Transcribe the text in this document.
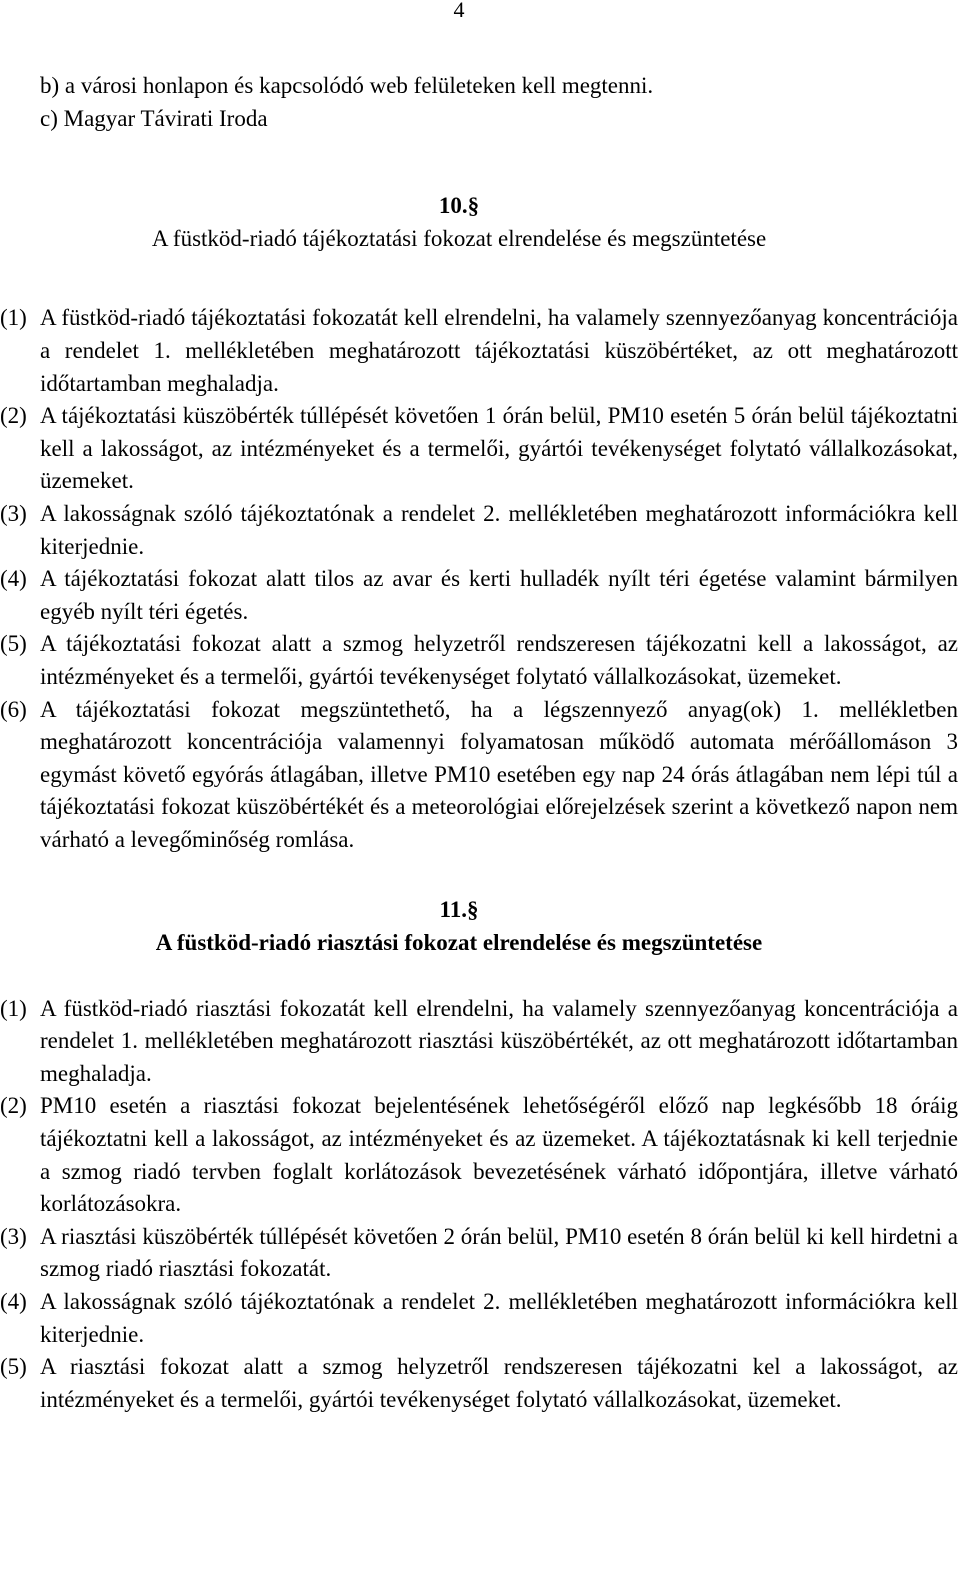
4

b) a városi honlapon és kapcsolódó web felületeken kell megtenni.

c) Magyar Távirati Iroda

10.§

A füstköd-riadó tájékoztatási fokozat elrendelése és megszüntetése

(1) A füstköd-riadó tájékoztatási fokozatát kell elrendelni, ha valamely szennyezőanyag koncentrációja a rendelet 1. mellékletében meghatározott tájékoztatási küszöbértéket, az ott meghatározott időtartamban meghaladja.
(2) A tájékoztatási küszöbérték túllépését követően 1 órán belül, PM10 esetén 5 órán belül tájékoztatni kell a lakosságot, az intézményeket és a termelői, gyártói tevékenységet folytató vállalkozásokat, üzemeket.
(3) A lakosságnak szóló tájékoztatónak a rendelet 2. mellékletében meghatározott információkra kell kiterjednie.
(4) A tájékoztatási fokozat alatt tilos az avar és kerti hulladék nyílt téri égetése valamint bármilyen egyéb nyílt téri égetés.
(5) A tájékoztatási fokozat alatt a szmog helyzetről rendszeresen tájékozatni kell a lakosságot, az intézményeket és a termelői, gyártói tevékenységet folytató vállalkozásokat, üzemeket.
(6) A tájékoztatási fokozat megszüntethető, ha a légszennyező anyag(ok) 1. mellékletben meghatározott koncentrációja valamennyi folyamatosan működő automata mérőállomáson 3 egymást követő egyórás átlagában, illetve PM10 esetében egy nap 24 órás átlagában nem lépi túl a tájékoztatási fokozat küszöbértékét és a meteorológiai előrejelzések szerint a következő napon nem várható a levegőminőség romlása.

11.§

A füstköd-riadó riasztási fokozat elrendelése és megszüntetése

(1) A füstköd-riadó riasztási fokozatát kell elrendelni, ha valamely szennyezőanyag koncentrációja a rendelet 1. mellékletében meghatározott riasztási küszöbértékét, az ott meghatározott időtartamban meghaladja.
(2) PM10 esetén a riasztási fokozat bejelentésének lehetőségéről előző nap legkésőbb 18 óráig tájékoztatni kell a lakosságot, az intézményeket és az üzemeket. A tájékoztatásnak ki kell terjednie a szmog riadó tervben foglalt korlátozások bevezetésének várható időpontjára, illetve várható korlátozásokra.
(3) A riasztási küszöbérték túllépését követően 2 órán belül, PM10 esetén 8 órán belül ki kell hirdetni a szmog riadó riasztási fokozatát.
(4) A lakosságnak szóló tájékoztatónak a rendelet 2. mellékletében meghatározott információkra kell kiterjednie.
(5) A riasztási fokozat alatt a szmog helyzetről rendszeresen tájékozatni kel a lakosságot, az intézményeket és a termelői, gyártói tevékenységet folytató vállalkozásokat, üzemeket.
